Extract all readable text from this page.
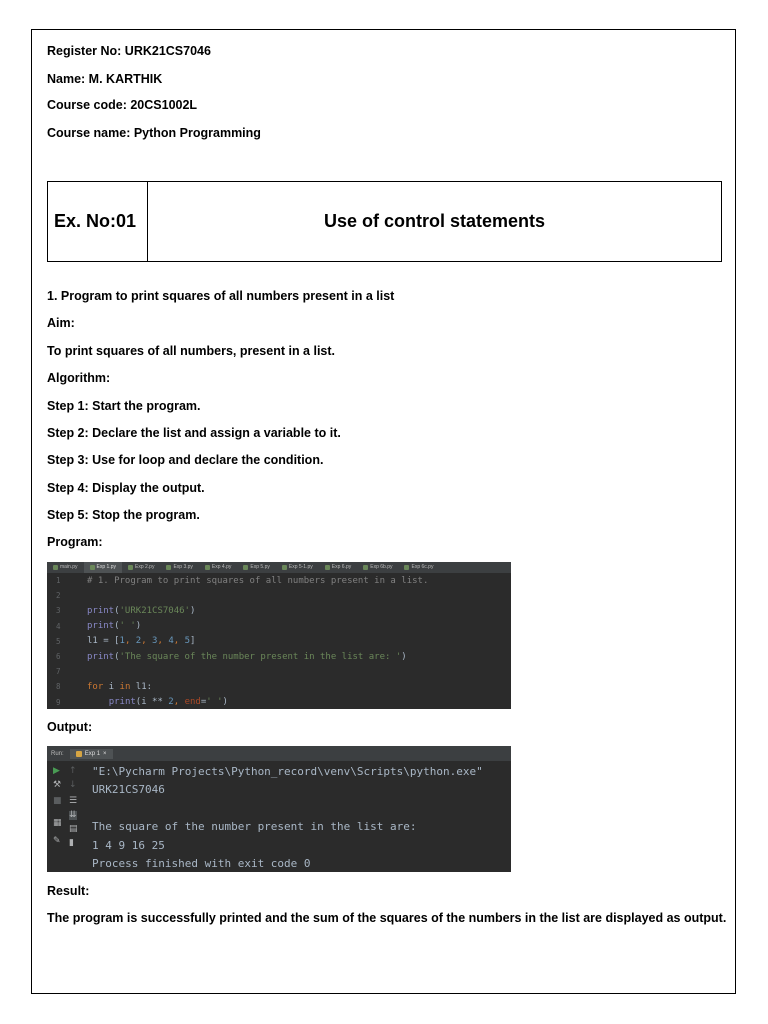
Register No: URK21CS7046
Name: M. KARTHIK
Course code: 20CS1002L
Course name: Python Programming
Ex. No:01	Use of control statements
1. Program to print squares of all numbers present in a list
Aim:
To print squares of all numbers, present in a list.
Algorithm:
Step 1: Start the program.
Step 2: Declare the list and assign a variable to it.
Step 3: Use for loop and declare the condition.
Step 4: Display the output.
Step 5: Stop the program.
Program:
main.py	Exp 1.py	Exp 2.py	Exp 3.py	Exp 4.py	Exp 5.py	Exp 5-1.py	Exp 6.py	Exp 6b.py	Exp 6c.py
1	# 1. Program to print squares of all numbers present in a list.
2
3	print ( 'URK21CS7046' )
4	print ( ' ' )
5	l1 = [ 1 , 2 , 3 , 4 , 5 ]
6	print ( 'The square of the number present in the list are: ' )
7
8	for i in l1:
9
	print (i ** 2 , end = ' ' )
Output:
Run:	Exp 1 ×
▶ ↑
⚒ ↓
■ ☰
⇊
▦
▤
✎ ▮
"E:\Pycharm Projects\Python_record\venv\Scripts\python.exe"
URK21CS7046
The square of the number present in the list are:
1 4 9 16 25
Process finished with exit code 0
Result:
The program is successfully printed and the sum of the squares of the numbers in the list are displayed as output.
